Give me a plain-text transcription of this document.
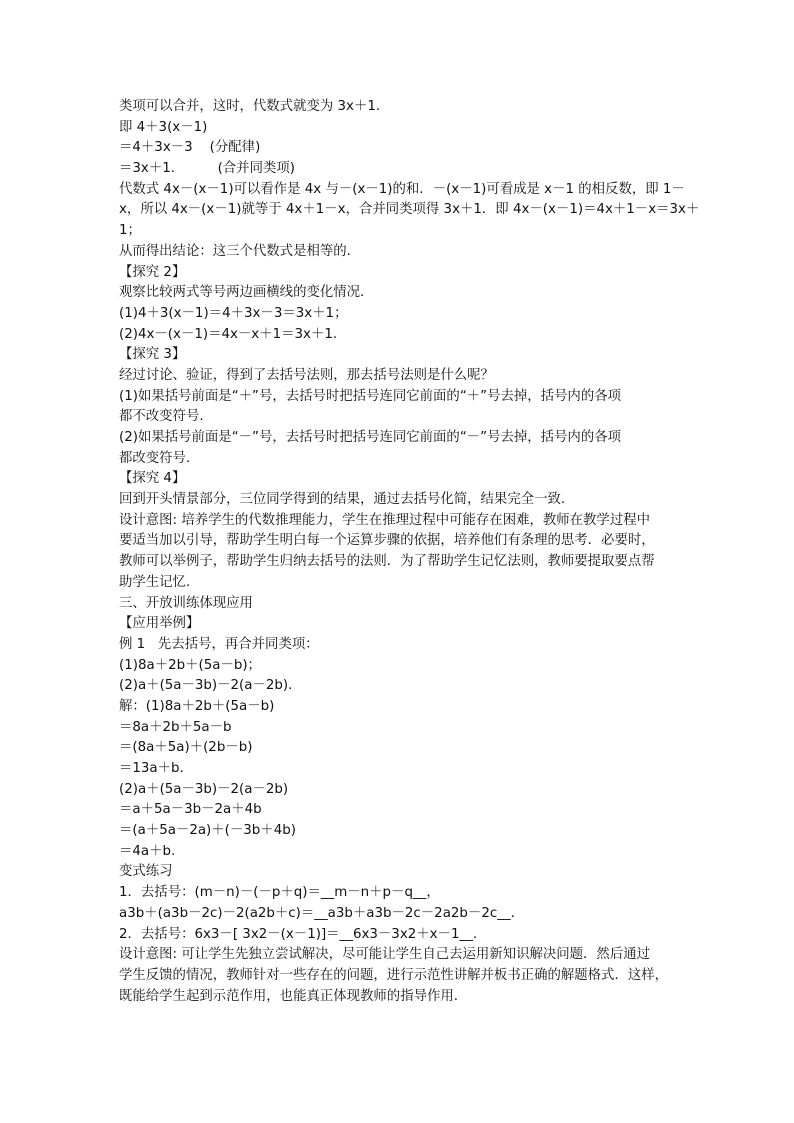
类项可以合并，这时，代数式就变为 3x＋1.
即 4＋3(x－1)
＝4＋3x－3    (分配律)
＝3x＋1.          (合并同类项)
代数式 4x－(x－1)可以看作是 4x 与－(x－1)的和．－(x－1)可看成是 x－1 的相反数，即 1－
x，所以 4x－(x－1)就等于 4x＋1－x，合并同类项得 3x＋1．即 4x－(x－1)＝4x＋1－x＝3x＋
1；
从而得出结论：这三个代数式是相等的.
【探究 2】
观察比较两式等号两边画横线的变化情况.
(1)4＋3(x－1)＝4＋3x－3＝3x＋1；
(2)4x－(x－1)＝4x－x＋1＝3x＋1.
【探究 3】
经过讨论、验证，得到了去括号法则，那去括号法则是什么呢？
(1)如果括号前面是“＋”号，去括号时把括号连同它前面的“＋”号去掉，括号内的各项
都不改变符号.
(2)如果括号前面是“－”号，去括号时把括号连同它前面的“－”号去掉，括号内的各项
都改变符号.
【探究 4】
回到开头情景部分，三位同学得到的结果，通过去括号化简，结果完全一致.
设计意图: 培养学生的代数推理能力，学生在推理过程中可能存在困难，教师在教学过程中
要适当加以引导，帮助学生明白每一个运算步骤的依据，培养他们有条理的思考．必要时，
教师可以举例子，帮助学生归纳去括号的法则．为了帮助学生记忆法则，教师要提取要点帮
助学生记忆.
三、开放训练体现应用
【应用举例】
例 1   先去括号，再合并同类项：
(1)8a＋2b＋(5a－b)；
(2)a＋(5a－3b)－2(a－2b).
解：(1)8a＋2b＋(5a－b)
＝8a＋2b＋5a－b
＝(8a＋5a)＋(2b－b)
＝13a＋b.
(2)a＋(5a－3b)－2(a－2b)
＝a＋5a－3b－2a＋4b
＝(a＋5a－2a)＋(－3b＋4b)
＝4a＋b.
变式练习
1．去括号：(m－n)－(－p＋q)＝__m－n＋p－q__，
a3b＋(a3b－2c)－2(a2b＋c)＝__a3b＋a3b－2c－2a2b－2c__.
2．去括号：6x3－[ 3x2－(x－1)]＝__6x3－3x2＋x－1__.
设计意图: 可让学生先独立尝试解决，尽可能让学生自己去运用新知识解决问题．然后通过
学生反馈的情况，教师针对一些存在的问题，进行示范性讲解并板书正确的解题格式．这样，
既能给学生起到示范作用，也能真正体现教师的指导作用.
